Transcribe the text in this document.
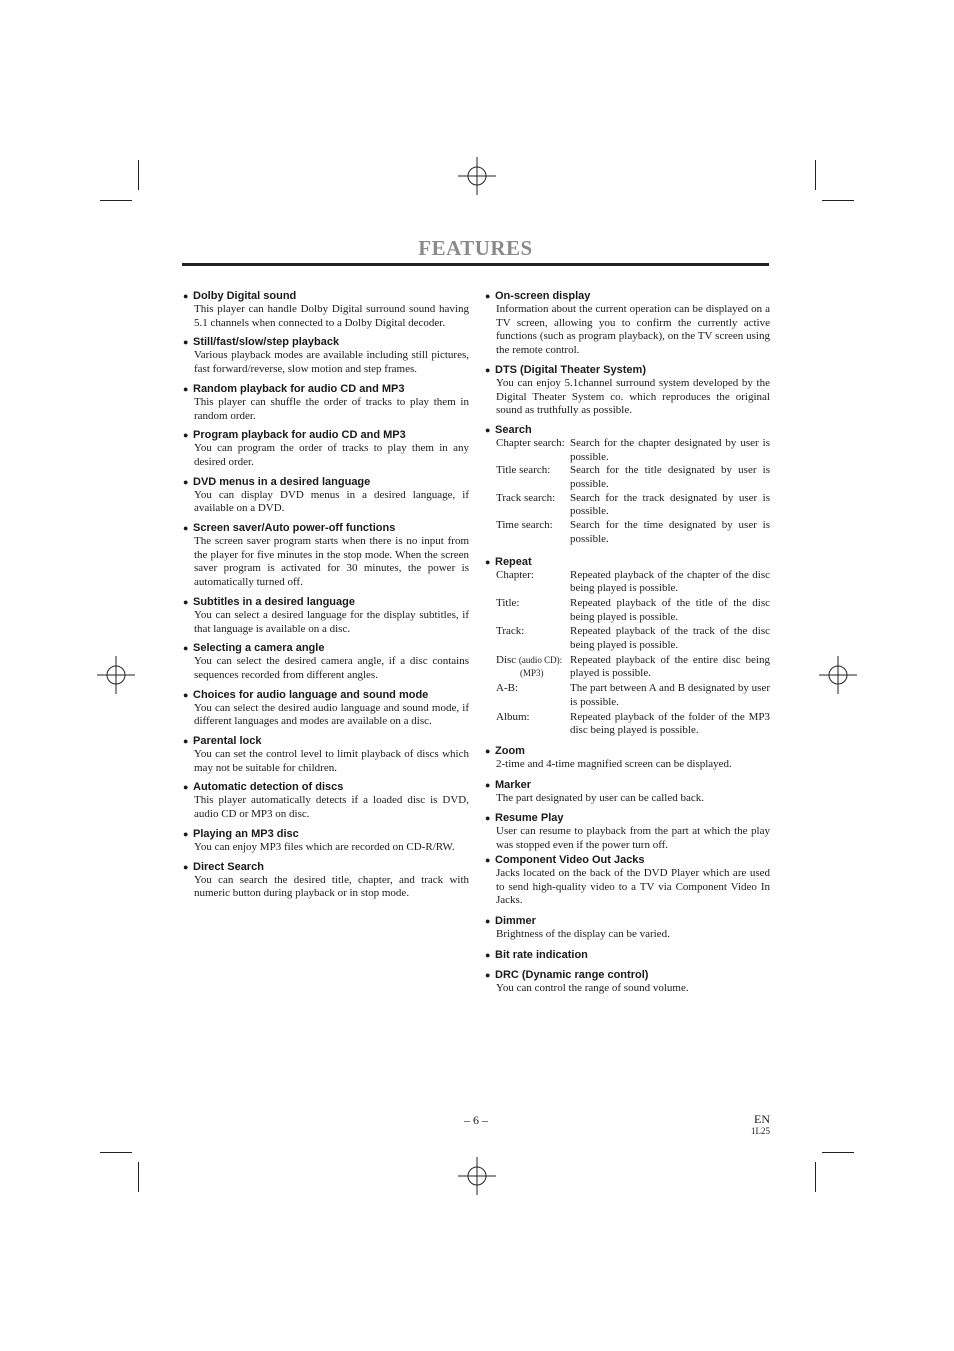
FEATURES
● Dolby Digital sound
This player can handle Dolby Digital surround sound having 5.1 channels when connected to a Dolby Digital decoder.
● Still/fast/slow/step playback
Various playback modes are available including still pictures, fast forward/reverse, slow motion and step frames.
● Random playback for audio CD and MP3
This player can shuffle the order of tracks to play them in random order.
● Program playback for audio CD and MP3
You can program the order of tracks to play them in any desired order.
● DVD menus in a desired language
You can display DVD menus in a desired language, if available on a DVD.
● Screen saver/Auto power-off functions
The screen saver program starts when there is no input from the player for five minutes in the stop mode. When the screen saver program is activated for 30 minutes, the power is automatically turned off.
● Subtitles in a desired language
You can select a desired language for the display subtitles, if that language is available on a disc.
● Selecting a camera angle
You can select the desired camera angle, if a disc contains sequences recorded from different angles.
● Choices for audio language and sound mode
You can select the desired audio language and sound mode, if different languages and modes are available on a disc.
● Parental lock
You can set the control level to limit playback of discs which may not be suitable for children.
● Automatic detection of discs
This player automatically detects if a loaded disc is DVD, audio CD or MP3 on disc.
● Playing an MP3 disc
You can enjoy MP3 files which are recorded on CD-R/RW.
● Direct Search
You can search the desired title, chapter, and track with numeric button during playback or in stop mode.
● On-screen display
Information about the current operation can be displayed on a TV screen, allowing you to confirm the currently active functions (such as program playback), on the TV screen using the remote control.
● DTS (Digital Theater System)
You can enjoy 5.1channel surround system developed by the Digital Theater System co. which reproduces the original sound as truthfully as possible.
● Search
Chapter search: Search for the chapter designated by user is possible.
Title search:	Search for the title designated by user is possible.
Track search:	Search for the track designated by user is possible.
Time search:	Search for the time designated by user is possible.
● Repeat
Chapter:	Repeated playback of the chapter of the disc being played is possible.
Title:	Repeated playback of the title of the disc being played is possible.
Track:	Repeated playback of the track of the disc being played is possible.
Disc (audio CD):
(MP3)
Repeated playback of the entire disc being played is possible.
A-B:	The part between A and B designated by user is possible.
Album:	Repeated playback of the folder of the MP3 disc being played is possible.
● Zoom
2-time and 4-time magnified screen can be displayed.
● Marker
The part designated by user can be called back.
● Resume Play
User can resume to playback from the part at which the play was stopped even if the power turn off.
● Component Video Out Jacks
Jacks located on the back of the DVD Player which are used to send high-quality video to a TV via Component Video In Jacks.
● Dimmer
Brightness of the display can be varied.
● Bit rate indication
● DRC (Dynamic range control)
You can control the range of sound volume.
– 6 –	EN
1L25
